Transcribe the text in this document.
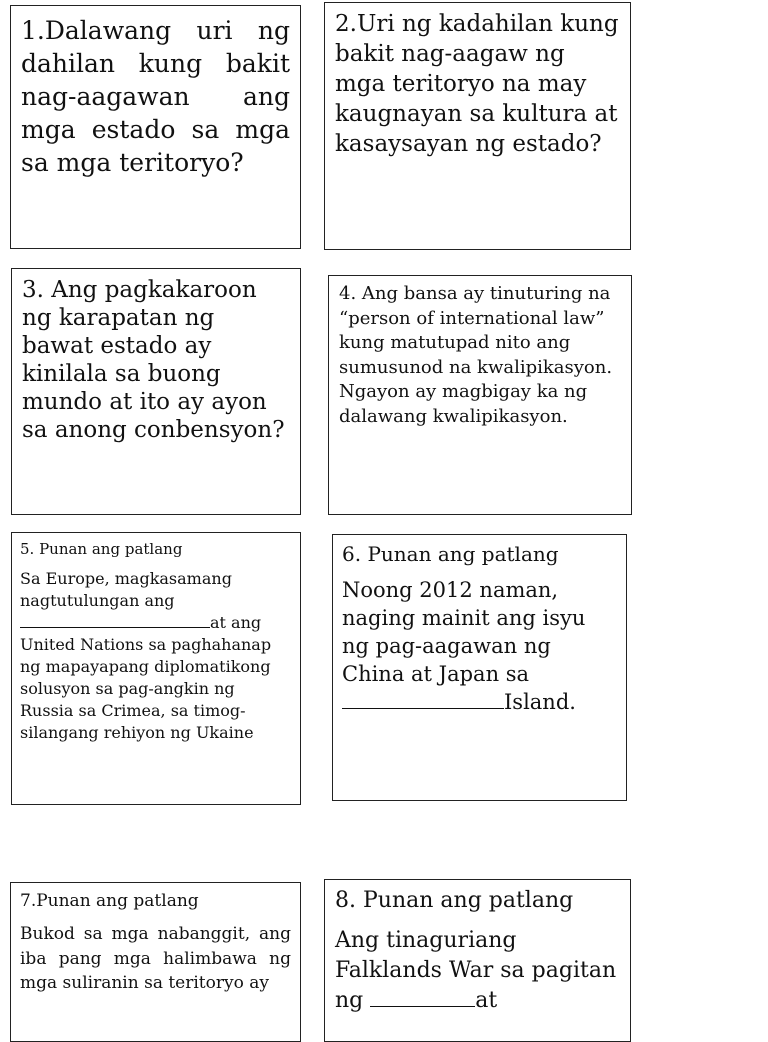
1.Dalawang uri ng dahilan kung bakit nag-aagawan ang mga estado sa mga sa mga teritoryo?

2.Uri ng kadahilan kung bakit nag-aagaw ng mga teritoryo na may kaugnayan sa kultura at kasaysayan ng estado?

3. Ang pagkakaroon ng karapatan ng bawat estado ay kinilala sa buong mundo at ito ay ayon sa anong conbensyon?

4. Ang bansa ay tinuturing na “person of international law” kung matutupad nito ang sumusunod na kwalipikasyon. Ngayon ay magbigay ka ng dalawang kwalipikasyon.

5. Punan ang patlang

Sa Europe, magkasamang nagtutulungan ang at ang United Nations sa paghahanap ng mapayapang diplomatikong solusyon sa pag-angkin ng Russia sa Crimea, sa timog-silangang rehiyon ng Ukaine

6. Punan ang patlang

Noong 2012 naman, naging mainit ang isyu ng pag-aagawan ng China at Japan sa Island.

7.Punan ang patlang

Bukod sa mga nabanggit, ang iba pang mga halimbawa ng mga suliranin sa teritoryo ay

8. Punan ang patlang

Ang tinaguriang Falklands War sa pagitan ng	at
